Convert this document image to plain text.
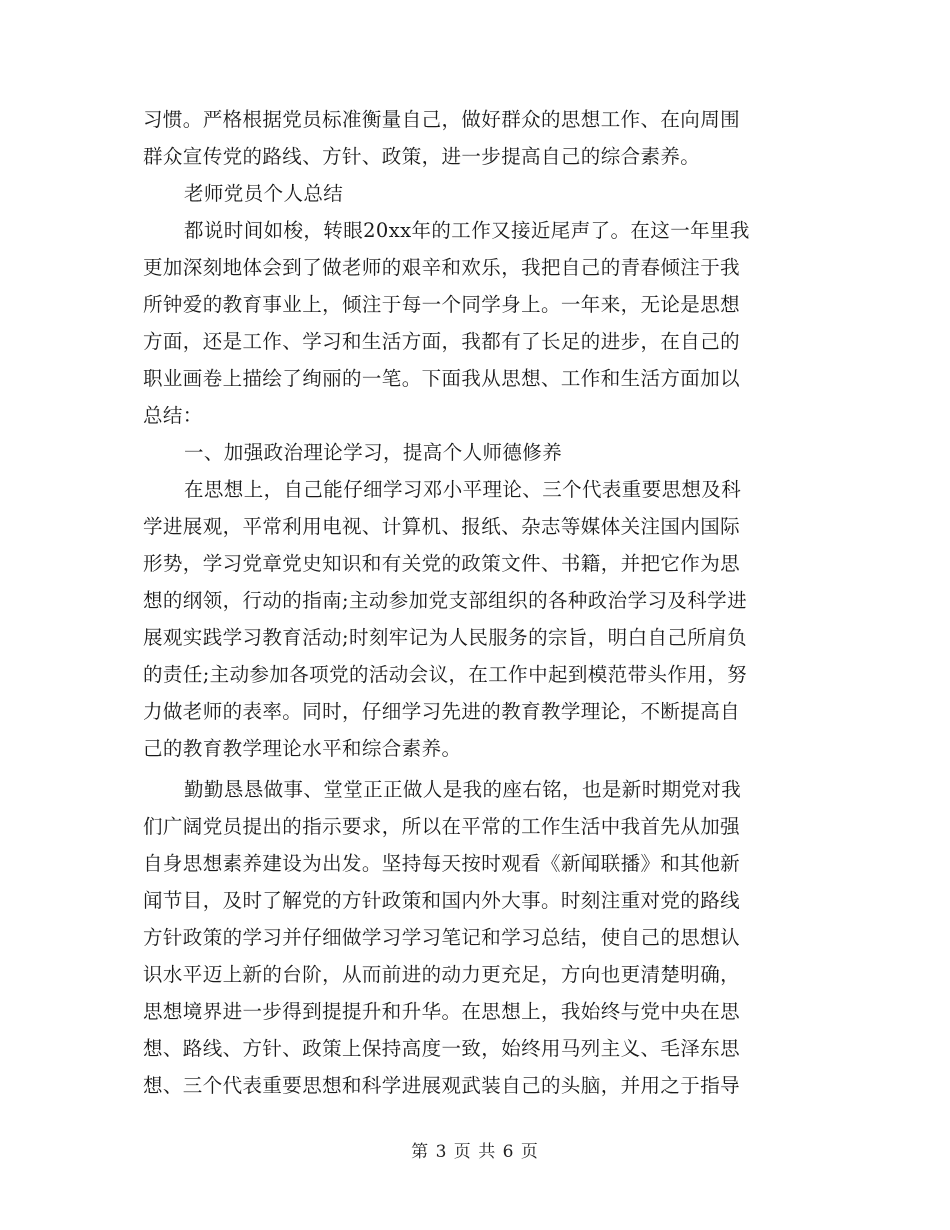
习惯。严格根据党员标准衡量自己，做好群众的思想工作、在向周围
群众宣传党的路线、方针、政策，进一步提高自己的综合素养。
老师党员个人总结
都说时间如梭，转眼20xx年的工作又接近尾声了。在这一年里我
更加深刻地体会到了做老师的艰辛和欢乐，我把自己的青春倾注于我
所钟爱的教育事业上，倾注于每一个同学身上。一年来，无论是思想
方面，还是工作、学习和生活方面，我都有了长足的进步，在自己的
职业画卷上描绘了绚丽的一笔。下面我从思想、工作和生活方面加以
总结：
一、加强政治理论学习，提高个人师德修养
在思想上，自己能仔细学习邓小平理论、三个代表重要思想及科
学进展观，平常利用电视、计算机、报纸、杂志等媒体关注国内国际
形势，学习党章党史知识和有关党的政策文件、书籍，并把它作为思
想的纲领，行动的指南;主动参加党支部组织的各种政治学习及科学进
展观实践学习教育活动;时刻牢记为人民服务的宗旨，明白自己所肩负
的责任;主动参加各项党的活动会议，在工作中起到模范带头作用，努
力做老师的表率。同时，仔细学习先进的教育教学理论，不断提高自
己的教育教学理论水平和综合素养。
勤勤恳恳做事、堂堂正正做人是我的座右铭，也是新时期党对我
们广阔党员提出的指示要求，所以在平常的工作生活中我首先从加强
自身思想素养建设为出发。坚持每天按时观看《新闻联播》和其他新
闻节目，及时了解党的方针政策和国内外大事。时刻注重对党的路线
方针政策的学习并仔细做学习学习笔记和学习总结，使自己的思想认
识水平迈上新的台阶，从而前进的动力更充足，方向也更清楚明确，
思想境界进一步得到提提升和升华。在思想上，我始终与党中央在思
想、路线、方针、政策上保持高度一致，始终用马列主义、毛泽东思
想、三个代表重要思想和科学进展观武装自己的头脑，并用之于指导
第 3 页 共 6 页
